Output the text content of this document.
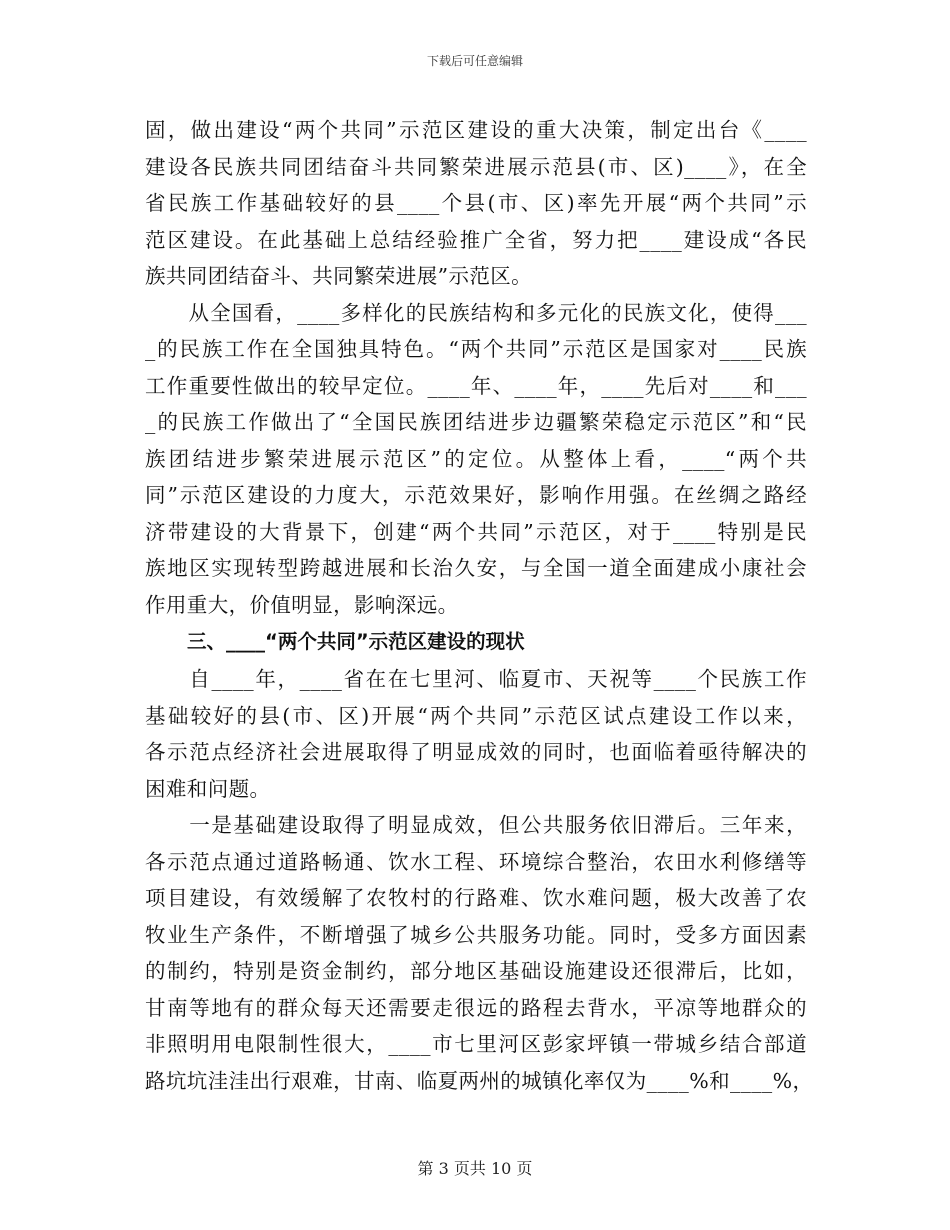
下载后可任意编辑
固，做出建设“两个共同”示范区建设的重大决策，制定出台《____
建设各民族共同团结奋斗共同繁荣进展示范县(市、区)____》，在全
省民族工作基础较好的县____个县(市、区)率先开展“两个共同”示
范区建设。在此基础上总结经验推广全省，努力把____建设成“各民
族共同团结奋斗、共同繁荣进展”示范区。
　　从全国看，____多样化的民族结构和多元化的民族文化，使得___
_的民族工作在全国独具特色。“两个共同”示范区是国家对____民族
工作重要性做出的较早定位。____年、____年，____先后对____和___
_的民族工作做出了“全国民族团结进步边疆繁荣稳定示范区”和“民
族团结进步繁荣进展示范区”的定位。从整体上看，____“两个共
同”示范区建设的力度大，示范效果好，影响作用强。在丝绸之路经
济带建设的大背景下，创建“两个共同”示范区，对于____特别是民
族地区实现转型跨越进展和长治久安，与全国一道全面建成小康社会
作用重大，价值明显，影响深远。
三、____“两个共同”示范区建设的现状
　　自____年，____省在在七里河、临夏市、天祝等____个民族工作
基础较好的县(市、区)开展“两个共同”示范区试点建设工作以来，
各示范点经济社会进展取得了明显成效的同时，也面临着亟待解决的
困难和问题。
　　一是基础建设取得了明显成效，但公共服务依旧滞后。三年来，
各示范点通过道路畅通、饮水工程、环境综合整治，农田水利修缮等
项目建设，有效缓解了农牧村的行路难、饮水难问题，极大改善了农
牧业生产条件，不断增强了城乡公共服务功能。同时，受多方面因素
的制约，特别是资金制约，部分地区基础设施建设还很滞后，比如，
甘南等地有的群众每天还需要走很远的路程去背水，平凉等地群众的
非照明用电限制性很大，____市七里河区彭家坪镇一带城乡结合部道
路坑坑洼洼出行艰难，甘南、临夏两州的城镇化率仅为____%和____%，
第 3 页共 10 页
